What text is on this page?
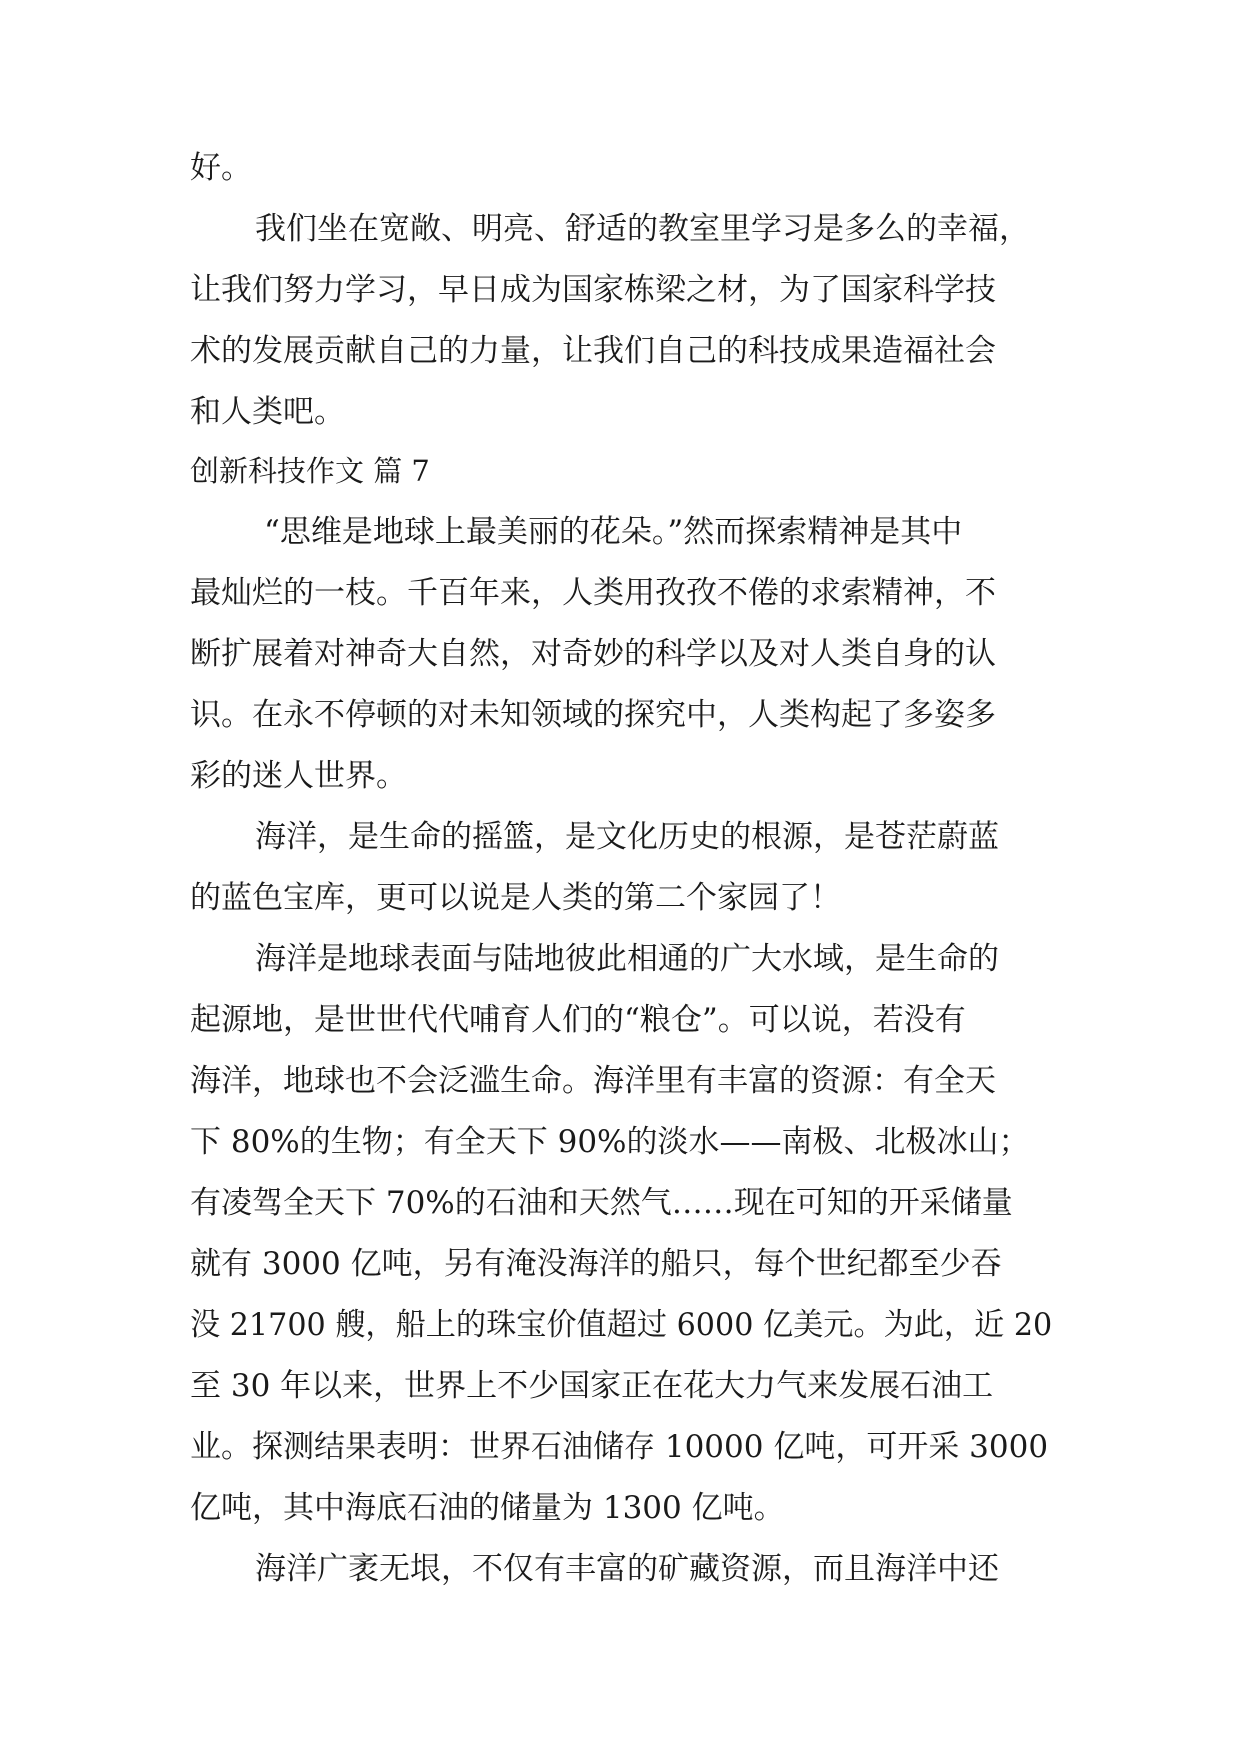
好。
我们坐在宽敞、明亮、舒适的教室里学习是多么的幸福，
让我们努力学习，早日成为国家栋梁之材，为了国家科学技
术的发展贡献自己的力量，让我们自己的科技成果造福社会
和人类吧。
创新科技作文 篇 7
“思维是地球上最美丽的花朵。”然而探索精神是其中
最灿烂的一枝。千百年来，人类用孜孜不倦的求索精神，不
断扩展着对神奇大自然，对奇妙的科学以及对人类自身的认
识。在永不停顿的对未知领域的探究中，人类构起了多姿多
彩的迷人世界。
海洋，是生命的摇篮，是文化历史的根源，是苍茫蔚蓝
的蓝色宝库，更可以说是人类的第二个家园了！
海洋是地球表面与陆地彼此相通的广大水域，是生命的
起源地，是世世代代哺育人们的“粮仓”。可以说，若没有
海洋，地球也不会泛滥生命。海洋里有丰富的资源：有全天
下 80%的生物；有全天下 90%的淡水——南极、北极冰山；
有凌驾全天下 70%的石油和天然气……现在可知的开采储量
就有 3000 亿吨，另有淹没海洋的船只，每个世纪都至少吞
没 21700 艘，船上的珠宝价值超过 6000 亿美元。为此，近 20
至 30 年以来，世界上不少国家正在花大力气来发展石油工
业。探测结果表明：世界石油储存 10000 亿吨，可开采 3000
亿吨，其中海底石油的储量为 1300 亿吨。
海洋广袤无垠，不仅有丰富的矿藏资源，而且海洋中还
